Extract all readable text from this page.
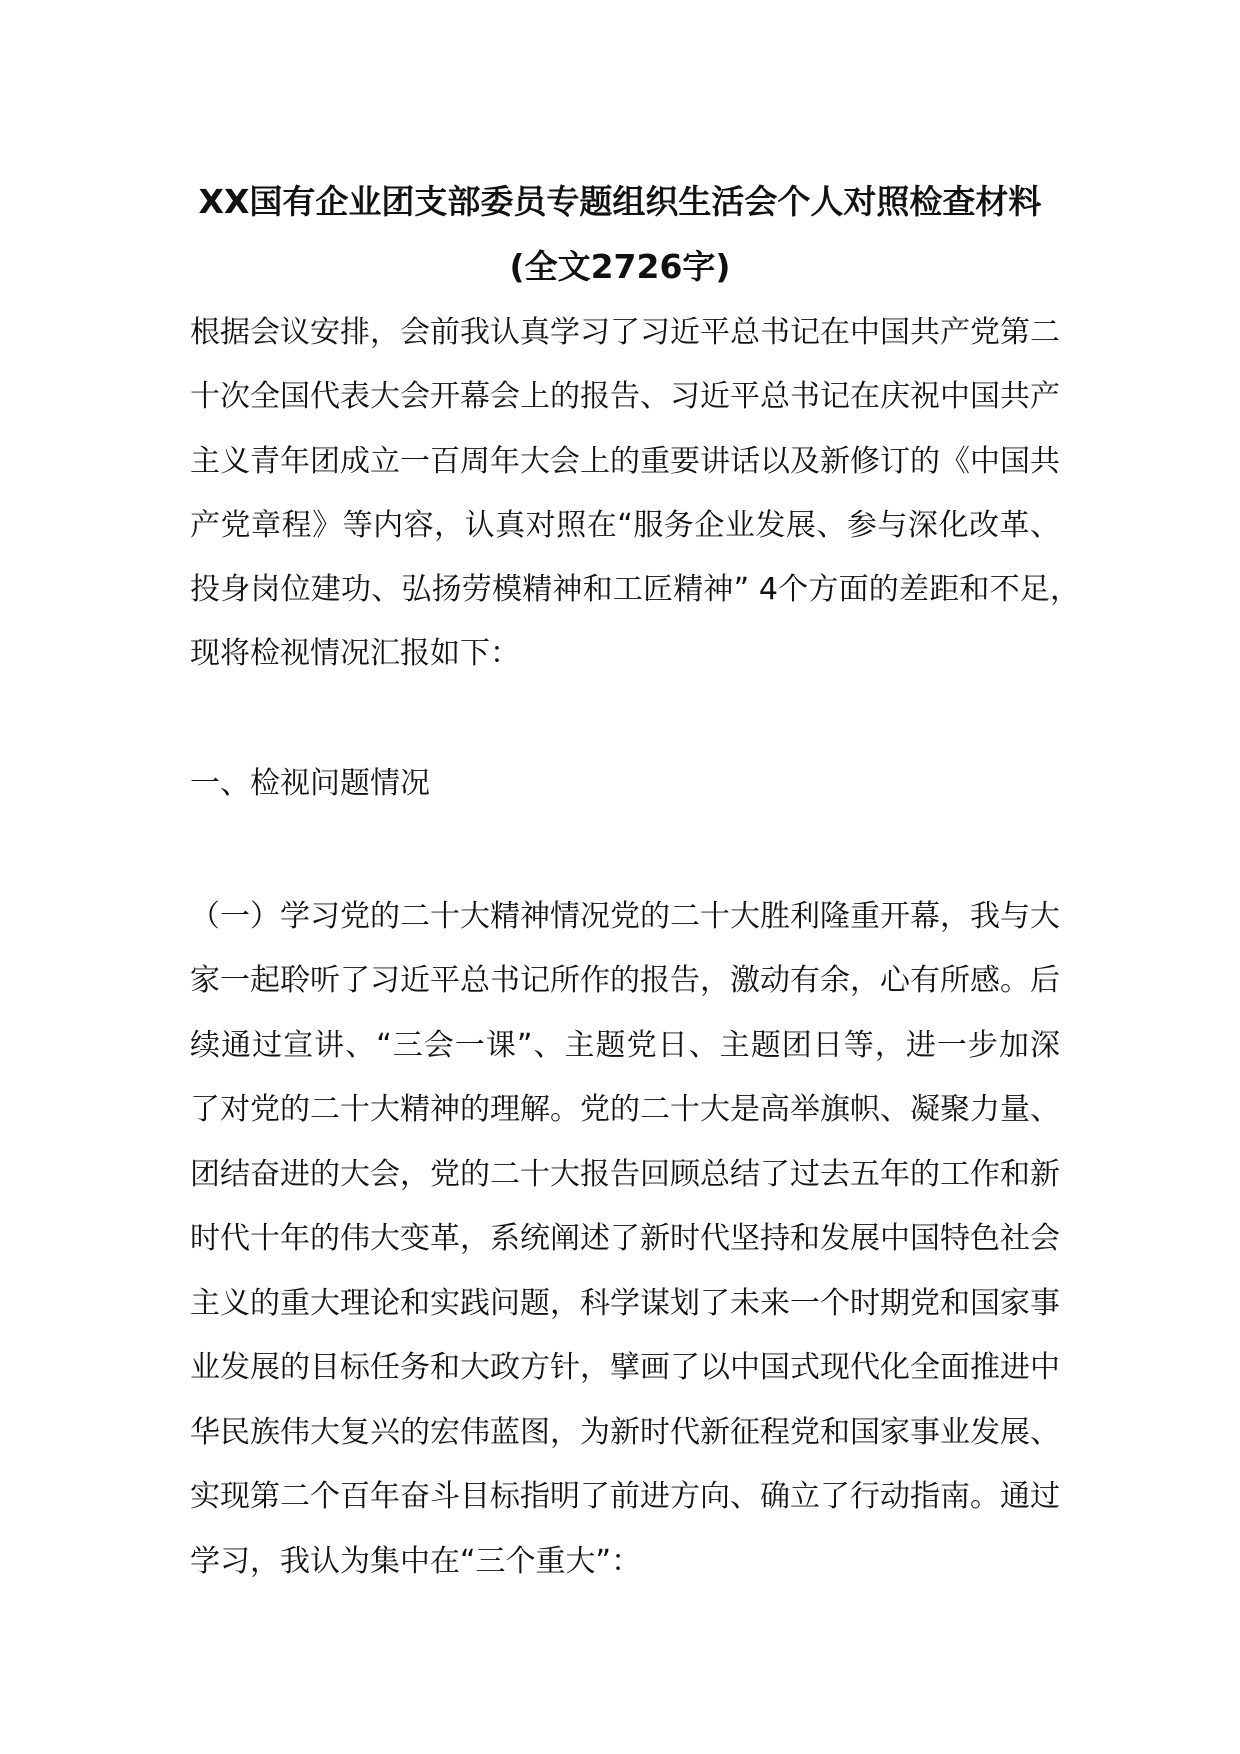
XX国有企业团支部委员专题组织生活会个人对照检查材料
(全文2726字)
根据会议安排，会前我认真学习了习近平总书记在中国共产党第二
十次全国代表大会开幕会上的报告、习近平总书记在庆祝中国共产
主义青年团成立一百周年大会上的重要讲话以及新修订的《中国共
产党章程》等内容，认真对照在“服务企业发展、参与深化改革、
投身岗位建功、弘扬劳模精神和工匠精神” 4个方面的差距和不足，
现将检视情况汇报如下：
一、检视问题情况
（一）学习党的二十大精神情况党的二十大胜利隆重开幕，我与大
家一起聆听了习近平总书记所作的报告，激动有余，心有所感。后
续通过宣讲、“三会一课”、主题党日、主题团日等，进一步加深
了对党的二十大精神的理解。党的二十大是高举旗帜、凝聚力量、
团结奋进的大会，党的二十大报告回顾总结了过去五年的工作和新
时代十年的伟大变革，系统阐述了新时代坚持和发展中国特色社会
主义的重大理论和实践问题，科学谋划了未来一个时期党和国家事
业发展的目标任务和大政方针，擘画了以中国式现代化全面推进中
华民族伟大复兴的宏伟蓝图，为新时代新征程党和国家事业发展、
实现第二个百年奋斗目标指明了前进方向、确立了行动指南。通过
学习，我认为集中在“三个重大”：
